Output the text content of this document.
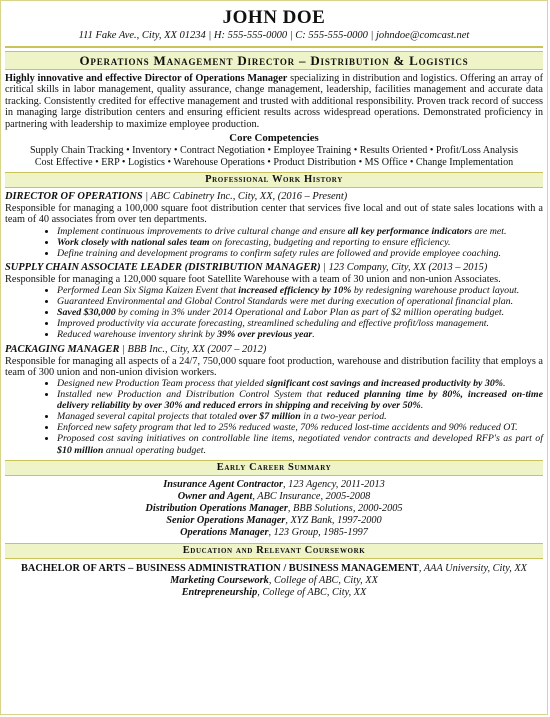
JOHN DOE
111 Fake Ave., City, XX 01234 | H: 555-555-0000 | C: 555-555-0000 | johndoe@comcast.net
Operations Management Director – Distribution & Logistics

Highly innovative and effective Director of Operations Manager specializing in distribution and logistics. Offering an array of critical skills in labor management, quality assurance, change management, leadership, facilities management and accurate data tracking. Consistently credited for effective management and trusted with additional responsibility. Proven track record of success in managing large distribution centers and ensuring efficient results across widespread operations. Demonstrated proficiency in partnering with leadership to maximize employee production.

Core Competencies
Supply Chain Tracking • Inventory • Contract Negotiation • Employee Training • Results Oriented • Profit/Loss Analysis
Cost Effective • ERP • Logistics • Warehouse Operations • Product Distribution • MS Office • Change Implementation
Professional Work History
DIRECTOR OF OPERATIONS | ABC Cabinetry Inc., City, XX, (2016 – Present)

Responsible for managing a 100,000 square foot distribution center that services five local and out of state sales locations with a team of 40 associates from over ten departments.

• Implement continuous improvements to drive cultural change and ensure all key performance indicators are met.
• Work closely with national sales team on forecasting, budgeting and reporting to ensure efficiency.
• Define training and development programs to confirm safety rules are followed and provide employee coaching.
SUPPLY CHAIN ASSOCIATE LEADER (DISTRIBUTION MANAGER) | 123 Company, City, XX (2013 – 2015)

Responsible for managing a 120,000 square foot Satellite Warehouse with a team of 30 union and non-union Associates.

• Performed Lean Six Sigma Kaizen Event that increased efficiency by 10% by redesigning warehouse product layout.
• Guaranteed Environmental and Global Control Standards were met during execution of operational financial plan.
• Saved $30,000 by coming in 3% under 2014 Operational and Labor Plan as part of $2 million operating budget.
• Improved productivity via accurate forecasting, streamlined scheduling and effective profit/loss management.
• Reduced warehouse inventory shrink by 39% over previous year.
PACKAGING MANAGER | BBB Inc., City, XX (2007 – 2012)

Responsible for managing all aspects of a 24/7, 750,000 square foot production, warehouse and distribution facility that employs a team of 300 union and non-union division workers.

• Designed new Production Team process that yielded significant cost savings and increased productivity by 30%.
• Installed new Production and Distribution Control System that reduced planning time by 80%, increased on-time delivery reliability by over 30% and reduced errors in shipping and receiving by over 50%.
• Managed several capital projects that totaled over $7 million in a two-year period.
• Enforced new safety program that led to 25% reduced waste, 70% reduced lost-time accidents and 90% reduced OT.
• Proposed cost saving initiatives on controllable line items, negotiated vendor contracts and developed RFP's as part of $10 million annual operating budget.
Early Career Summary
Insurance Agent Contractor, 123 Agency, 2011-2013
Owner and Agent, ABC Insurance, 2005-2008
Distribution Operations Manager, BBB Solutions, 2000-2005
Senior Operations Manager, XYZ Bank, 1997-2000
Operations Manager, 123 Group, 1985-1997
Education and Relevant Coursework
BACHELOR OF ARTS – BUSINESS ADMINISTRATION / BUSINESS MANAGEMENT, AAA University, City, XX
Marketing Coursework, College of ABC, City, XX
Entrepreneurship, College of ABC, City, XX
